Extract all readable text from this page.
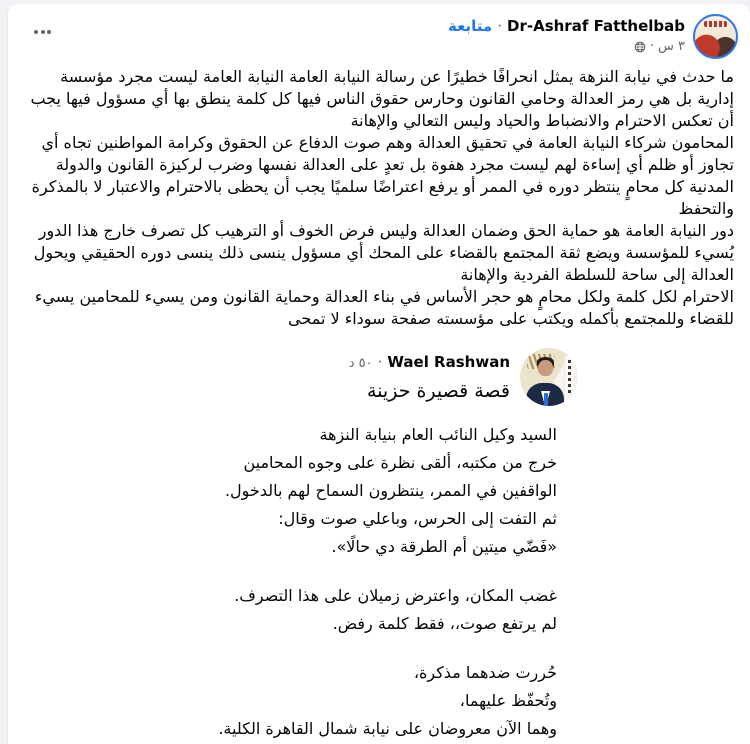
Dr-Ashraf Fatthelbab
·
متابعة
٣ س
·

ما حدث في نيابة النزهة يمثل انحرافًا خطيرًا عن رسالة النيابة العامة النيابة العامة ليست مجرد مؤسسة إدارية بل هي رمز العدالة وحامي القانون وحارس حقوق الناس فيها كل كلمة ينطق بها أي مسؤول فيها يجب أن تعكس الاحترام والانضباط والحياد وليس التعالي والإهانة

المحامون شركاء النيابة العامة في تحقيق العدالة وهم صوت الدفاع عن الحقوق وكرامة المواطنين تجاه أي تجاوز أو ظلم أي إساءة لهم ليست مجرد هفوة بل تعدٍ على العدالة نفسها وضرب لركيزة القانون والدولة المدنية كل محامٍ ينتظر دوره في الممر أو يرفع اعتراضًا سلميًا يجب أن يحظى بالاحترام والاعتبار لا بالمذكرة والتحفظ

دور النيابة العامة هو حماية الحق وضمان العدالة وليس فرض الخوف أو الترهيب كل تصرف خارج هذا الدور يُسيء للمؤسسة ويضع ثقة المجتمع بالقضاء على المحك أي مسؤول ينسى ذلك ينسى دوره الحقيقي ويحول العدالة إلى ساحة للسلطة الفردية والإهانة

الاحترام لكل كلمة ولكل محامٍ هو حجر الأساس في بناء العدالة وحماية القانون ومن يسيء للمحامين يسيء للقضاء وللمجتمع بأكمله ويكتب على مؤسسته صفحة سوداء لا تمحى

Wael Rashwan
·
٥٠ د
قصة قصيرة حزينة
السيد وكيل النائب العام بنيابة النزهة
خرج من مكتبه، ألقى نظرة على وجوه المحامين
الواقفين في الممر، ينتظرون السماح لهم بالدخول.
ثم التفت إلى الحرس، وباعلي صوت وقال:
«فَضّي ميتين أم الطرقة دي حالًا».
غضب المكان، واعترض زميلان على هذا التصرف.
لم يرتفع صوت،، فقط كلمة رفض.
حُررت ضدهما مذكرة،
وتُحفّظ عليهما،
وهما الآن معروضان على نيابة شمال القاهرة الكلية.
